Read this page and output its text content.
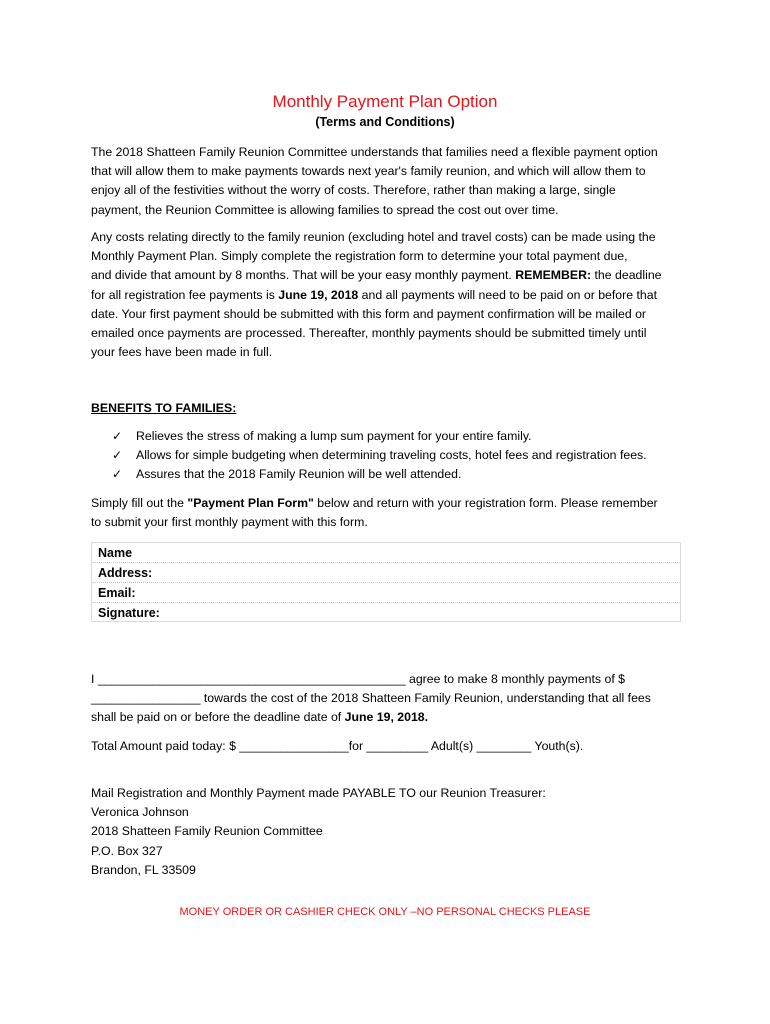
Monthly Payment Plan Option
(Terms and Conditions)
The 2018 Shatteen Family Reunion Committee understands that families need a flexible payment option
that will allow them to make payments towards next year's family reunion, and which will allow them to
enjoy all of the festivities without the worry of costs. Therefore, rather than making a large, single
payment, the Reunion Committee is allowing families to spread the cost out over time.
Any costs relating directly to the family reunion (excluding hotel and travel costs) can be made using the
Monthly Payment Plan. Simply complete the registration form to determine your total payment due,
and divide that amount by 8 months. That will be your easy monthly payment. REMEMBER: the deadline
for all registration fee payments is June 19, 2018 and all payments will need to be paid on or before that
date. Your first payment should be submitted with this form and payment confirmation will be mailed or
emailed once payments are processed. Thereafter, monthly payments should be submitted timely until
your fees have been made in full.
BENEFITS TO FAMILIES:
✓ Relieves the stress of making a lump sum payment for your entire family.
✓ Allows for simple budgeting when determining traveling costs, hotel fees and registration fees.
✓ Assures that the 2018 Family Reunion will be well attended.
Simply fill out the "Payment Plan Form" below and return with your registration form. Please remember
to submit your first monthly payment with this form.
Name
Address:
Email:
Signature:
I _____________________________________________ agree to make 8 monthly payments of $
________________ towards the cost of the 2018 Shatteen Family Reunion, understanding that all fees
shall be paid on or before the deadline date of June 19, 2018.
Total Amount paid today: $ ________________for _________ Adult(s) ________ Youth(s).
Mail Registration and Monthly Payment made PAYABLE TO our Reunion Treasurer:
Veronica Johnson
2018 Shatteen Family Reunion Committee
P.O. Box 327
Brandon, FL 33509
MONEY ORDER OR CASHIER CHECK ONLY –NO PERSONAL CHECKS PLEASE
